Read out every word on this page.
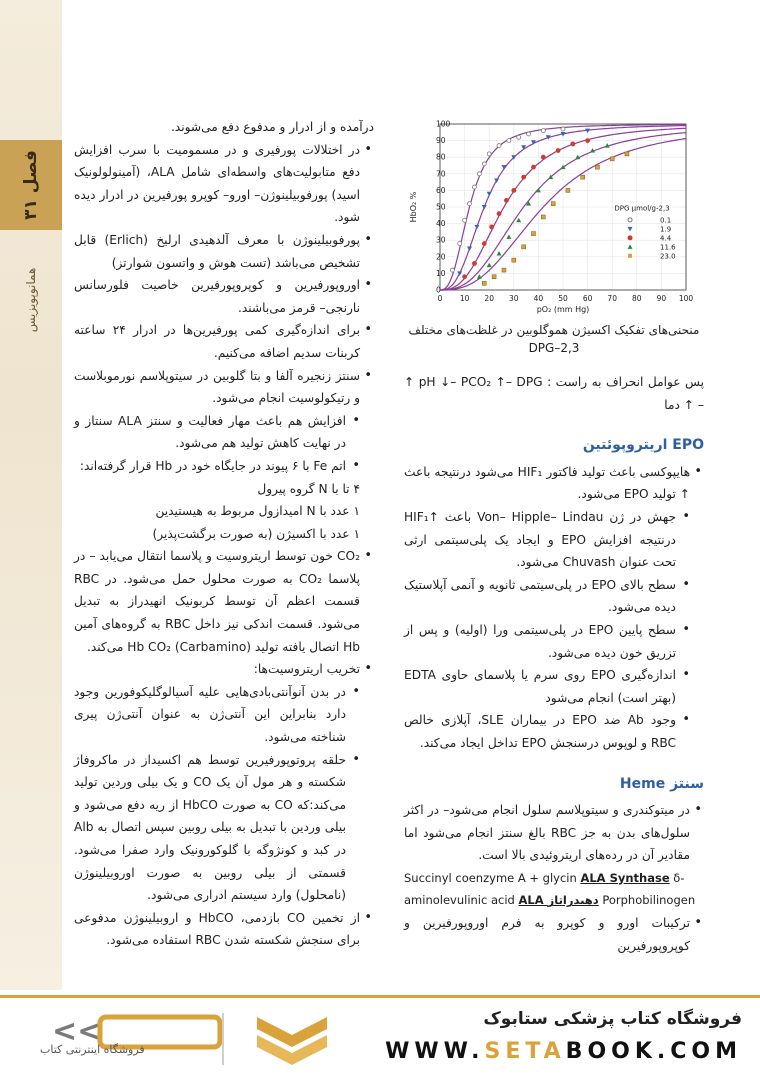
فصل ۳۱
همانوپویزیس

درآمده و از ادرار و مدفوع دفع می‌شوند.

• در اختلالات پورفیری و در مسمومیت با سرب افزایش دفع متابولیت‌های واسطه‌ای شامل ALA، (آمینولولونیک اسید) پورفوبیلینوژن– اورو– کوپرو پورفیرین در ادرار دیده شود.
• پورفوبیلینوژن با معرف آلدهیدی ارلیخ (Erlich) قابل تشخیص می‌باشد (تست هوش و واتسون شوارتز)
• اوروپورفیرین و کوپروپورفیرین خاصیت فلورسانس نارنجی– قرمز می‌باشند.
• برای اندازه‌گیری کمی پورفیرین‌ها در ادرار ۲۴ ساعته کربنات سدیم اضافه می‌کنیم.
• سنتز زنجیره آلفا و بتا گلوبین در سیتوپلاسم نورموبلاست و رتیکولوسیت انجام می‌شود.
• افزایش هم باعث مهار فعالیت و سنتز ALA سنتاز و در نهایت کاهش تولید هم می‌شود.
• اتم Fe با ۶ پیوند در جایگاه خود در Hb قرار گرفته‌اند:

۴ تا با N گروه پیرول

۱ عدد با N امیدازول مربوط به هیستیدین

۱ عدد با اکسیژن (به صورت برگشت‌پذیر)

• CO₂ خون توسط اریتروسیت و پلاسما انتقال می‌یابد – در پلاسما CO₂ به صورت محلول حمل می‌شود. در RBC قسمت اعظم آن توسط کربونیک انهیدراز به تبدیل می‌شود. قسمت اندکی نیز داخل RBC به گروه‌های آمین Hb اتصال یافته تولید Hb CO₂ (Carbamino) می‌کند.
• تخریب اریتروسیت‌ها:
• در بدن آنوآنتی‌بادی‌هایی علیه آسیالوگلیکوفورین وجود دارد بنابراین این آنتی‌ژن به عنوان آنتی‌ژن پیری شناخته می‌شود.
• حلقه پروتوپورفیرین توسط هم اکسیداز در ماکروفاژ شکسته و هر مول آن یک CO و یک بیلی وردین تولید می‌کند:که CO به صورت HbCO از ریه دفع می‌شود و بیلی وردین با تبدیل به بیلی روبین سپس اتصال به Alb در کبد و کونژوگه با گلوکورونیک وارد صفرا می‌شود. قسمتی از بیلی روبین به صورت اوروبیلینوژن (نامحلول) وارد سیستم ادراری می‌شود.
• از تخمین CO بازدمی، HbCO و اروبیلینوژن مدفوعی برای سنجش شکسته شدن RBC استفاده می‌شود.
0 10 20 30 40 50 60 70 80 90 100
0
10
20
30
40
50
60
70
80
90
100
pO₂ (mm Hg)
% HbO₂
2,3-DPG μmol/g
0.1
1.9
4.4
11.6
23.0

منحنی‌های تفکیک اکسیژن هموگلوبین در غلظت‌های مختلف 2,3–DPG

پس عوامل انحراف به راست : pH ↓– PCO₂ ↑– DPG ↑ – ↑ دما

EPO اریتروپوئتین
• هایپوکسی باعث تولید فاکتور HIF₁ می‌شود درنتیجه باعث ↑ تولید EPO می‌شود.
• جهش در ژن Von– Hipple– Lindau باعث ↑HIF₁ درنتیجه افزایش EPO و ایجاد یک پلی‌سیتمی ارثی تحت عنوان Chuvash می‌شود.
• سطح بالای EPO در پلی‌سیتمی ثانویه و آنمی آپلاستیک دیده می‌شود.
• سطح پایین EPO در پلی‌سیتمی ورا (اولیه) و پس از تزریق خون دیده می‌شود.
• اندازه‌گیری EPO روی سرم یا پلاسمای حاوی EDTA (بهتر است) انجام می‌شود
• وجود Ab ضد EPO در بیماران SLE، آپلازی خالص RBC و لوپوس درسنجش EPO تداخل ایجاد می‌کند.
سنتز Heme
• در میتوکندری و سیتوپلاسم سلول انجام می‌شود– در اکثر سلول‌های بدن به جز RBC بالغ سنتز انجام می‌شود اما مقادیر آن در رده‌های اریتروئیدی بالا است.
Succinyl coenzyme A + glycin ALA Synthase δ-
aminolevulinic acid ALA دهیدراتاز Porphobilinogen
• ترکیبات اورو و کوپرو به فرم اوروپورفیرین و کوپروپورفیرین
<<
فروشگاه اینترنتی کتاب
فروشگاه کتاب پزشکی ستابوک
WWW.SETABOOK.COM
